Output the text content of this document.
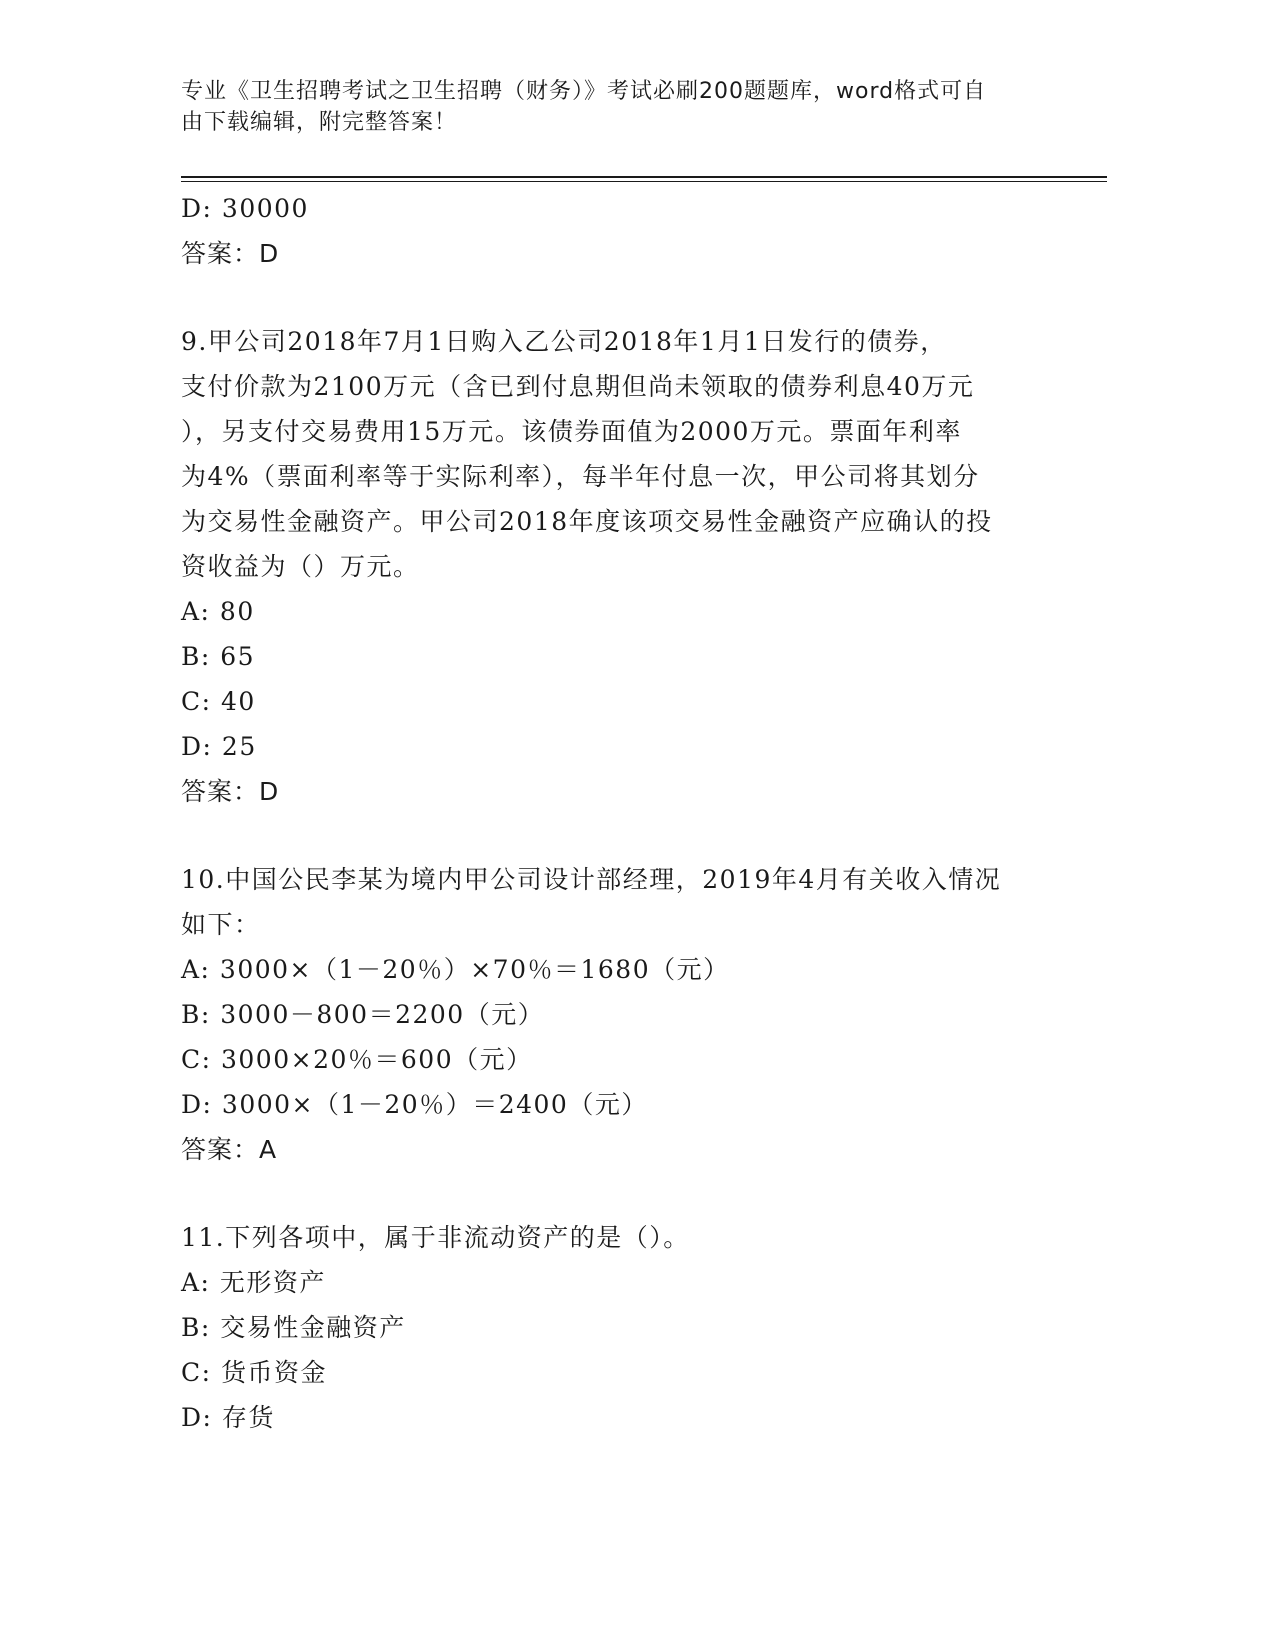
专业《卫生招聘考试之卫生招聘（财务）》考试必刷200题题库，word格式可自
由下载编辑，附完整答案！
D: 30000
答案：D
9.甲公司2018年7月1日购入乙公司2018年1月1日发行的债券，
支付价款为2100万元（含已到付息期但尚未领取的债券利息40万元
），另支付交易费用15万元。该债券面值为2000万元。票面年利率
为4%（票面利率等于实际利率），每半年付息一次，甲公司将其划分
为交易性金融资产。甲公司2018年度该项交易性金融资产应确认的投
资收益为（）万元。
A: 80
B: 65
C: 40
D: 25
答案：D
10.中国公民李某为境内甲公司设计部经理，2019年4月有关收入情况
如下：
A: 3000×（1－20％）×70％＝1680（元）
B: 3000－800＝2200（元）
C: 3000×20％＝600（元）
D: 3000×（1－20％）＝2400（元）
答案：A
11.下列各项中，属于非流动资产的是（）。
A: 无形资产
B: 交易性金融资产
C: 货币资金
D: 存货
